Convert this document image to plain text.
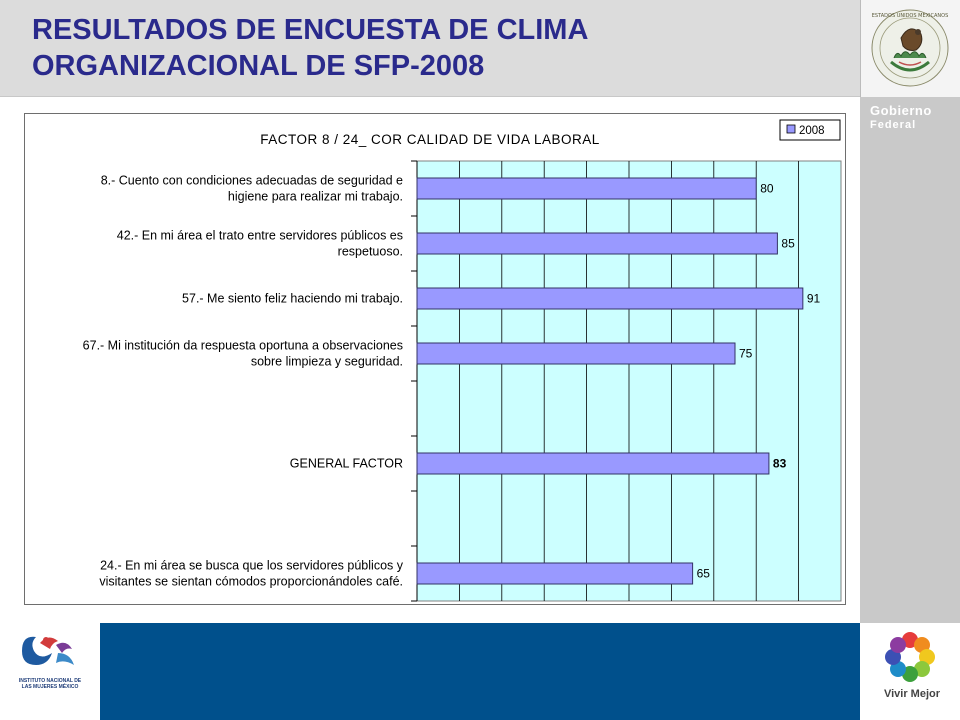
RESULTADOS DE ENCUESTA DE CLIMA
ORGANIZACIONAL DE SFP-2008
ESTADOS UNIDOS MEXICANOS
Gobierno
Federal
INSTITUTO NACIONAL DE LAS MUJERES MÉXICO
Vivir Mejor
80
85
91
75
83
65
8.- Cuento con condiciones adecuadas de seguridad e
higiene para realizar mi trabajo.
42.- En mi área el trato entre servidores públicos es
respetuoso.
57.- Me siento feliz haciendo mi trabajo.
67.- Mi institución da respuesta oportuna a observaciones
sobre limpieza y seguridad.
GENERAL FACTOR
24.- En mi área se busca que los servidores públicos y
visitantes se sientan cómodos proporcionándoles café.
FACTOR 8 / 24_ COR CALIDAD DE VIDA LABORAL
2008
